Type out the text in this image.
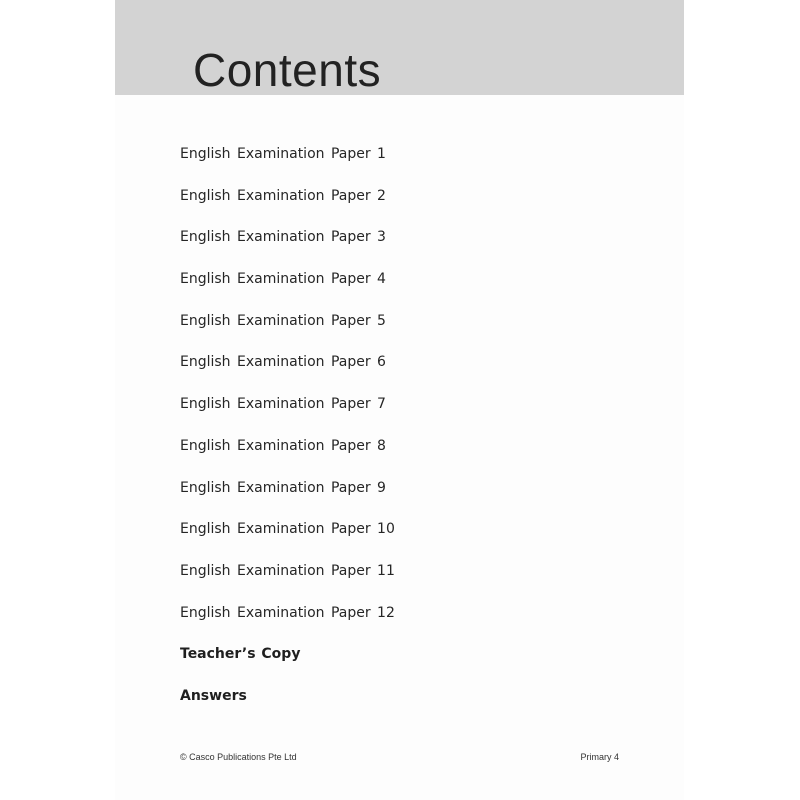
Contents
English Examination Paper 1
English Examination Paper 2
English Examination Paper 3
English Examination Paper 4
English Examination Paper 5
English Examination Paper 6
English Examination Paper 7
English Examination Paper 8
English Examination Paper 9
English Examination Paper 10
English Examination Paper 11
English Examination Paper 12
Teacher’s Copy
Answers
© Casco Publications Pte Ltd	Primary 4
